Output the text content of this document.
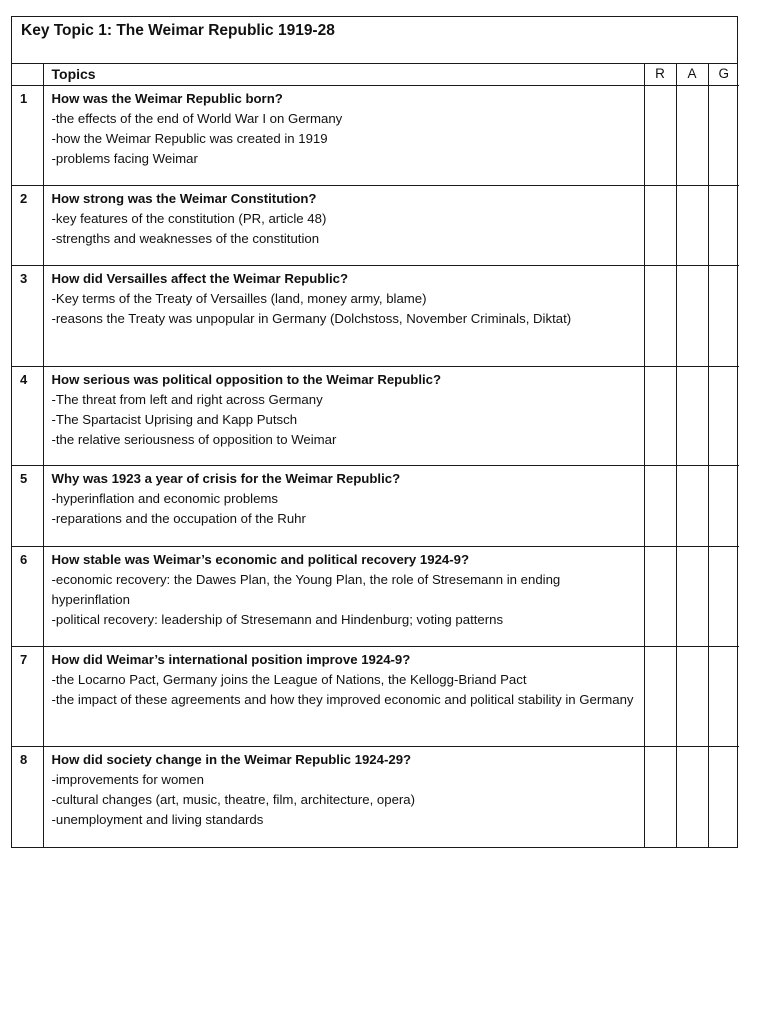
Key Topic 1: The Weimar Republic 1919-28
	Topics	R	A	G
1	How was the Weimar Republic born?
-the effects of the end of World War I on Germany
-how the Weimar Republic was created in 1919
-problems facing Weimar			

2	How strong was the Weimar Constitution?
-key features of the constitution (PR, article 48)
-strengths and weaknesses of the constitution			

3	How did Versailles affect the Weimar Republic?
-Key terms of the Treaty of Versailles (land, money army, blame)
-reasons the Treaty was unpopular in Germany (Dolchstoss, November Criminals, Diktat)			

4	How serious was political opposition to the Weimar Republic?
-The threat from left and right across Germany
-The Spartacist Uprising and Kapp Putsch
-the relative seriousness of opposition to Weimar			

5	Why was 1923 a year of crisis for the Weimar Republic?
-hyperinflation and economic problems
-reparations and the occupation of the Ruhr			

6	How stable was Weimar’s economic and political recovery 1924-9?
-economic recovery: the Dawes Plan, the Young Plan, the role of Stresemann in ending hyperinflation
-political recovery: leadership of Stresemann and Hindenburg; voting patterns			

7	How did Weimar’s international position improve 1924-9?
-the Locarno Pact, Germany joins the League of Nations, the Kellogg-Briand Pact
-the impact of these agreements and how they improved economic and political stability in Germany			

8	How did society change in the Weimar Republic 1924-29?
-improvements for women
-cultural changes (art, music, theatre, film, architecture, opera)
-unemployment and living standards			
